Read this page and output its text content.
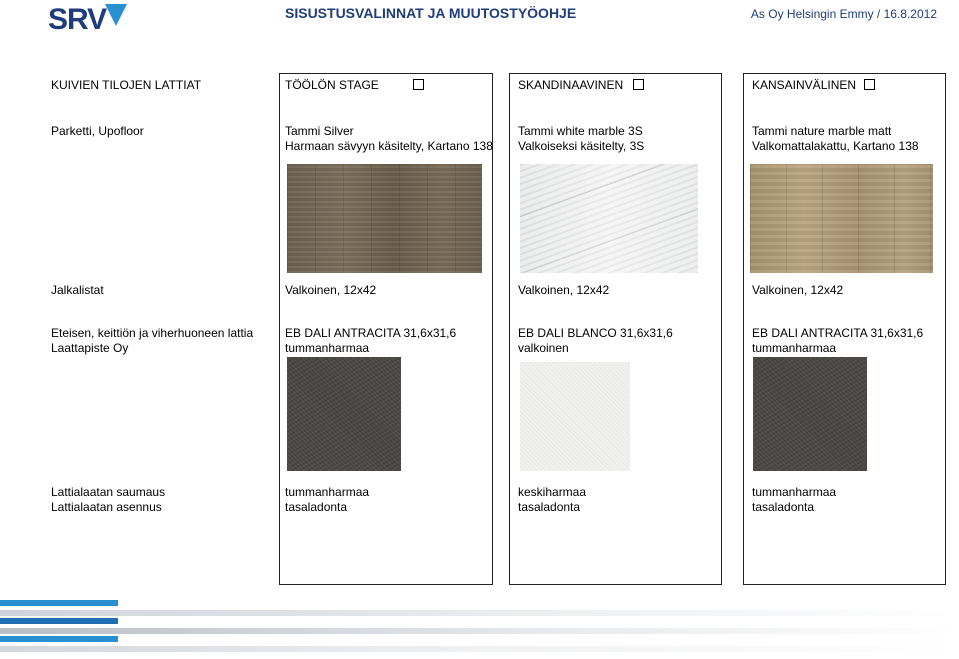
SRV	SISUSTUSVALINNAT JA MUUTOSTYÖOHJE	As Oy Helsingin Emmy / 16.8.2012
KUIVIEN TILOJEN LATTIAT
Parketti, Upofloor
Jalkalistat
Eteisen, keittiön ja viherhuoneen lattia
Laattapiste Oy
Lattialaatan saumaus
Lattialaatan asennus
TÖÖLÖN STAGE
Tammi Silver
Harmaan sävyyn käsitelty, Kartano 138
Valkoinen, 12x42
EB DALI ANTRACITA 31,6x31,6
tummanharmaa
tummanharmaa
tasaladonta
SKANDINAAVINEN
Tammi white marble 3S
Valkoiseksi käsitelty, 3S
Valkoinen, 12x42
EB DALI BLANCO 31,6x31,6
valkoinen
keskiharmaa
tasaladonta
KANSAINVÄLINEN
Tammi nature marble matt
Valkomattalakattu, Kartano 138
Valkoinen, 12x42
EB DALI ANTRACITA 31,6x31,6
tummanharmaa
tummanharmaa
tasaladonta
